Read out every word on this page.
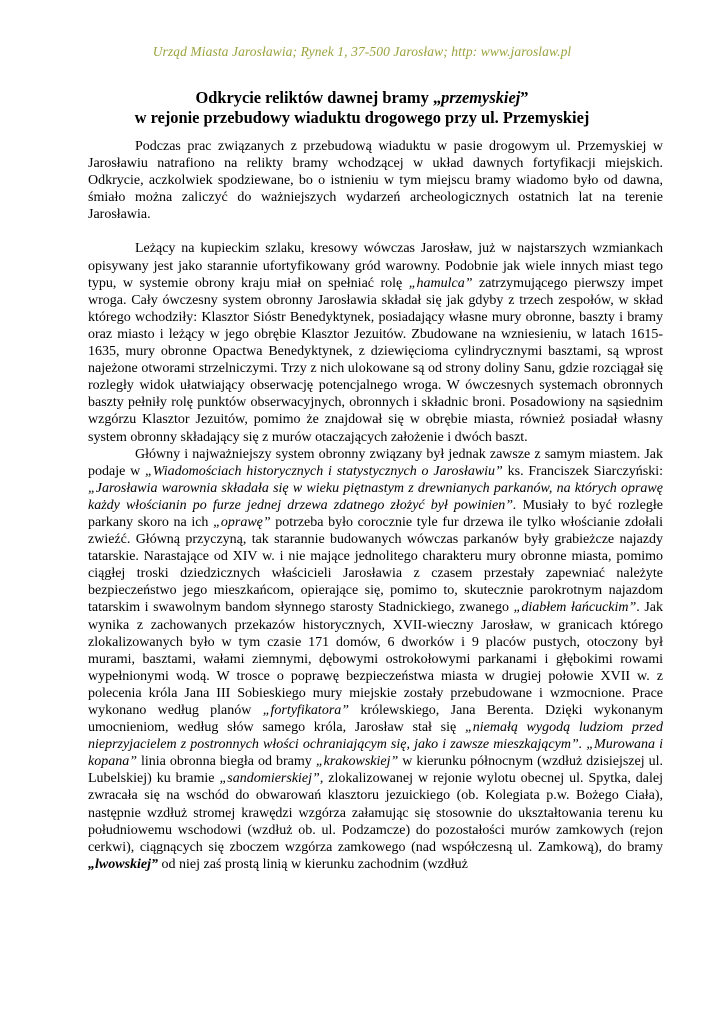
Urząd Miasta Jarosławia; Rynek 1, 37-500 Jarosław; http: www.jaroslaw.pl
Odkrycie reliktów dawnej bramy „przemyskiej”
w rejonie przebudowy wiaduktu drogowego przy ul. Przemyskiej

Podczas prac związanych z przebudową wiaduktu w pasie drogowym ul. Przemyskiej w Jarosławiu natrafiono na relikty bramy wchodzącej w układ dawnych fortyfikacji miejskich. Odkrycie, aczkolwiek spodziewane, bo o istnieniu w tym miejscu bramy wiadomo było od dawna, śmiało można zaliczyć do ważniejszych wydarzeń archeologicznych ostatnich lat na terenie Jarosławia.

Leżący na kupieckim szlaku, kresowy wówczas Jarosław, już w najstarszych wzmiankach opisywany jest jako starannie ufortyfikowany gród warowny. Podobnie jak wiele innych miast tego typu, w systemie obrony kraju miał on spełniać rolę „hamulca” zatrzymującego pierwszy impet wroga. Cały ówczesny system obronny Jarosławia składał się jak gdyby z trzech zespołów, w skład którego wchodziły: Klasztor Sióstr Benedyktynek, posiadający własne mury obronne, baszty i bramy oraz miasto i leżący w jego obrębie Klasztor Jezuitów. Zbudowane na wzniesieniu, w latach 1615-1635, mury obronne Opactwa Benedyktynek, z dziewięcioma cylindrycznymi basztami, są wprost najeżone otworami strzelniczymi. Trzy z nich ulokowane są od strony doliny Sanu, gdzie rozciągał się rozległy widok ułatwiający obserwację potencjalnego wroga. W ówczesnych systemach obronnych baszty pełniły rolę punktów obserwacyjnych, obronnych i składnic broni. Posadowiony na sąsiednim wzgórzu Klasztor Jezuitów, pomimo że znajdował się w obrębie miasta, również posiadał własny system obronny składający się z murów otaczających założenie i dwóch baszt.

Główny i najważniejszy system obronny związany był jednak zawsze z samym miastem. Jak podaje w „Wiadomościach historycznych i statystycznych o Jarosławiu” ks. Franciszek Siarczyński: „Jarosławia warownia składała się w wieku piętnastym z drewnianych parkanów, na których oprawę każdy włościanin po furze jednej drzewa zdatnego złożyć był powinien”. Musiały to być rozległe parkany skoro na ich „oprawę” potrzeba było corocznie tyle fur drzewa ile tylko włościanie zdołali zwieźć. Główną przyczyną, tak starannie budowanych wówczas parkanów były grabieżcze najazdy tatarskie. Narastające od XIV w. i nie mające jednolitego charakteru mury obronne miasta, pomimo ciągłej troski dziedzicznych właścicieli Jarosławia z czasem przestały zapewniać należyte bezpieczeństwo jego mieszkańcom, opierające się, pomimo to, skutecznie parokrotnym najazdom tatarskim i swawolnym bandom słynnego starosty Stadnickiego, zwanego „diabłem łańcuckim”. Jak wynika z zachowanych przekazów historycznych, XVII-wieczny Jarosław, w granicach którego zlokalizowanych było w tym czasie 171 domów, 6 dworków i 9 placów pustych, otoczony był murami, basztami, wałami ziemnymi, dębowymi ostrokołowymi parkanami i głębokimi rowami wypełnionymi wodą. W trosce o poprawę bezpieczeństwa miasta w drugiej połowie XVII w. z polecenia króla Jana III Sobieskiego mury miejskie zostały przebudowane i wzmocnione. Prace wykonano według planów „fortyfikatora” królewskiego, Jana Berenta. Dzięki wykonanym umocnieniom, według słów samego króla, Jarosław stał się „niemałą wygodą ludziom przed nieprzyjacielem z postronnych włości ochraniającym się, jako i zawsze mieszkającym”. „Murowana i kopana” linia obronna biegła od bramy „krakowskiej” w kierunku północnym (wzdłuż dzisiejszej ul. Lubelskiej) ku bramie „sandomierskiej”, zlokalizowanej w rejonie wylotu obecnej ul. Spytka, dalej zwracała się na wschód do obwarowań klasztoru jezuickiego (ob. Kolegiata p.w. Bożego Ciała), następnie wzdłuż stromej krawędzi wzgórza załamując się stosownie do ukształtowania terenu ku południowemu wschodowi (wzdłuż ob. ul. Podzamcze) do pozostałości murów zamkowych (rejon cerkwi), ciągnących się zboczem wzgórza zamkowego (nad współczesną ul. Zamkową), do bramy „lwowskiej” od niej zaś prostą linią w kierunku zachodnim (wzdłuż
